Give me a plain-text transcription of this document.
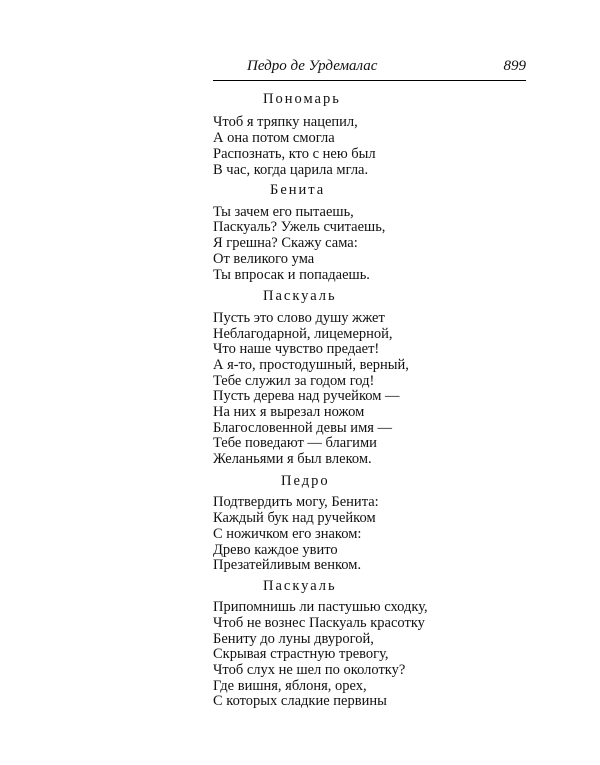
Педро де Урдемалас	899
Пономарь
Чтоб я тряпку нацепил,
А она потом смогла
Распознать, кто с нею был
В час, когда царила мгла.
Бенита
Ты зачем его пытаешь,
Паскуаль? Ужель считаешь,
Я грешна? Скажу сама:
От великого ума
Ты впросак и попадаешь.
Паскуаль
Пусть это слово душу жжет
Неблагодарной, лицемерной,
Что наше чувство предает!
А я-то, простодушный, верный,
Тебе служил за годом год!
Пусть дерева над ручейком —
На них я вырезал ножом
Благословенной девы имя —
Тебе поведают — благими
Желаньями я был влеком.
Педро
Подтвердить могу, Бенита:
Каждый бук над ручейком
С ножичком его знаком:
Древо каждое увито
Презатейливым венком.
Паскуаль
Припомнишь ли пастушью сходку,
Чтоб не вознес Паскуаль красотку
Бениту до луны двурогой,
Скрывая страстную тревогу,
Чтоб слух не шел по околотку?
Где вишня, яблоня, орех,
С которых сладкие первины
